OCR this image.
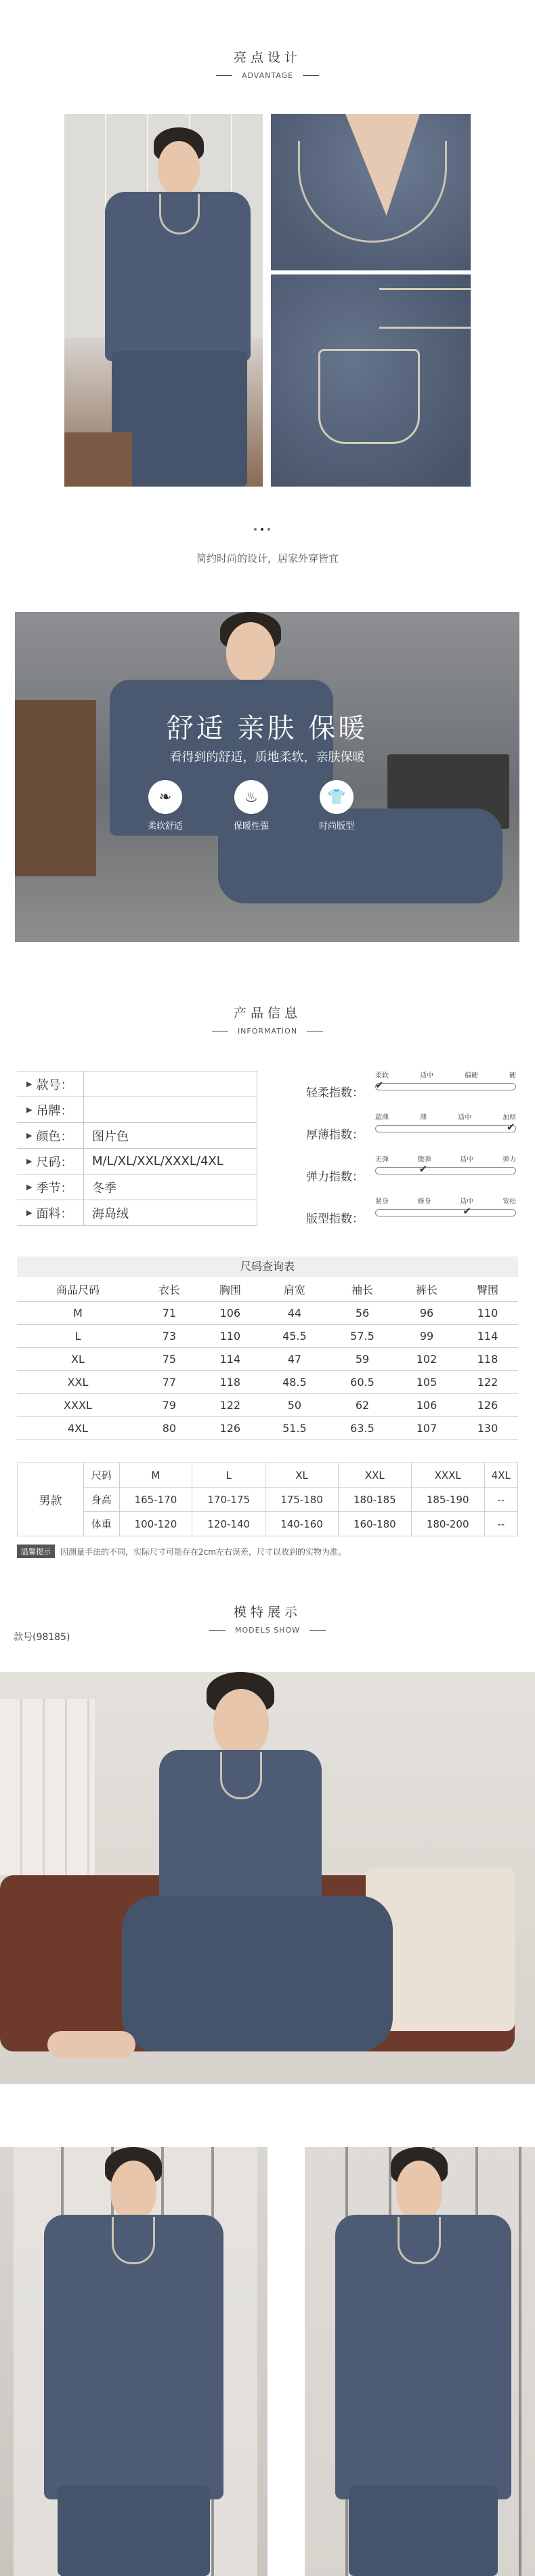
亮点设计
ADVANTAGE
简约时尚的设计，居家外穿皆宜
舒适 亲肤 保暖
看得到的舒适，质地柔软，亲肤保暖
❧
柔软舒适
♨
保暖性强
👕
时尚版型
产品信息
INFORMATION
▶ 款号：
▶ 吊牌：
▶ 颜色：	图片色
▶ 尺码：	M/L/XL/XXL/XXXL/4XL
▶ 季节：	冬季
▶ 面料：	海岛绒
轻柔指数：
柔软	适中	偏硬	硬
✔
厚薄指数：
超薄	薄	适中	加厚
✔
弹力指数：
无弹	微弹	适中	弹力
✔
版型指数：
紧身	修身	适中	宽松
✔
尺码查询表
商品尺码	衣长	胸围	肩宽	袖长	裤长	臀围
M	71	106	44	56	96	110
L	73	110	45.5	57.5	99	114
XL	75	114	47	59	102	118
XXL	77	118	48.5	60.5	105	122
XXXL	79	122	50	62	106	126
4XL	80	126	51.5	63.5	107	130
男款	尺码	M	L	XL	XXL	XXXL	4XL
	身高	165-170	170-175	175-180	180-185	185-190	--
	体重	100-120	120-140	140-160	160-180	180-200	--
温馨提示	因测量手法的不同，实际尺寸可能存在2cm左右误差，尺寸以收到的实物为准。
模特展示
MODELS SHOW
款号(98185)
